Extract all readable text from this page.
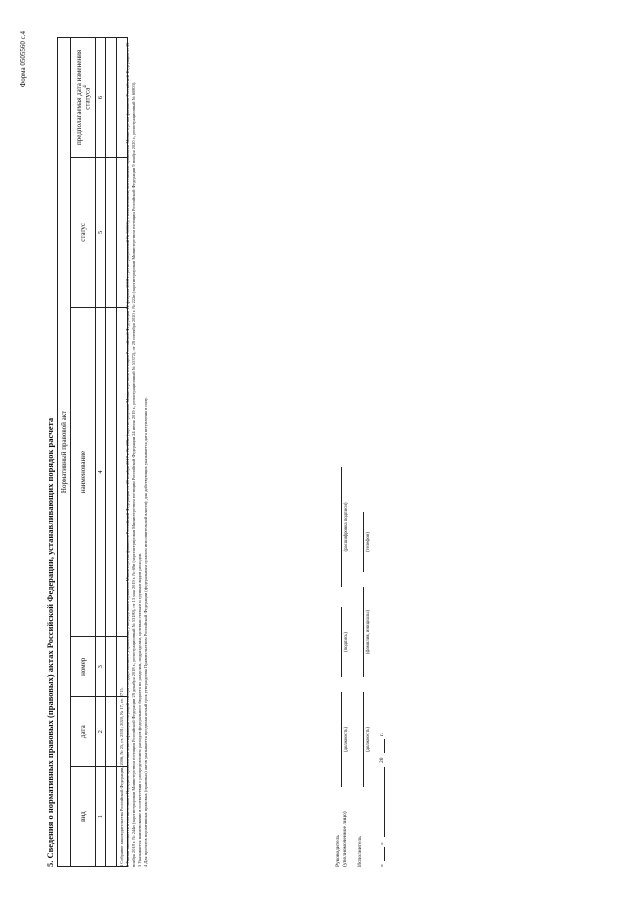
Форма 0505560 с.4
5. Сведения о нормативных правовых (правовых) актах Российской Федерации, устанавливающих порядок расчета Нормативный правовой акт					
вид	дата	номер	наименование	статус	предполагаемая дата изменения статуса$^4$
1	2	3	4	5	6

1 Собрание законодательства Российской Федерации, 2006, № 25, ст. 2591; 2020, № 17, ст. 2715. 2 Указан заполняется в соответствии с Порядком применения классификации операций сектора государственного управления, утвержденным приказом Министерства финансов Российской Федерации от 29 ноября 2017 г. № 209н (зарегистрирован Министерством юстиции Российской Федерации 12 февраля 2018 г., регистрационный № 50003), с изменениями, внесенными приказами Министерства финансов Российской Федерации от 29 ноября 2018 г. № 244н (зарегистрирован Министерством юстиции Российской Федерации 29 декабря 2018 г., регистрационный № 53180), от 13 мая 2019 г. № 69н (зарегистрирован Министерством юстиции Российской Федерации 24 июня 2019 г., регистрационный № 55372), от 29 сентября 2020 г. № 222н (зарегистрирован Министерством юстиции Российской Федерации 9 ноября 2020 г., регистрационный № 60803). 3 Указывается наименование в соответствии с распределением расходов федерального бюджета по разделам, подразделам, целевым статьям и группам видов расходов. 4 Для проектов нормативных правовых (правовых) актов указывается предполагаемый срок утверждения Правительством Российской Федерации (федеральным органом исполнительной власти); для действующих указывается дата вступления в силу.	Руководитель (уполномоченное лицо)
(должность)
(подпись)
(расшифровка подписи)
Исполнитель
(должность)
(фамилия, инициалы)
(телефон)
«
»
20
г.
